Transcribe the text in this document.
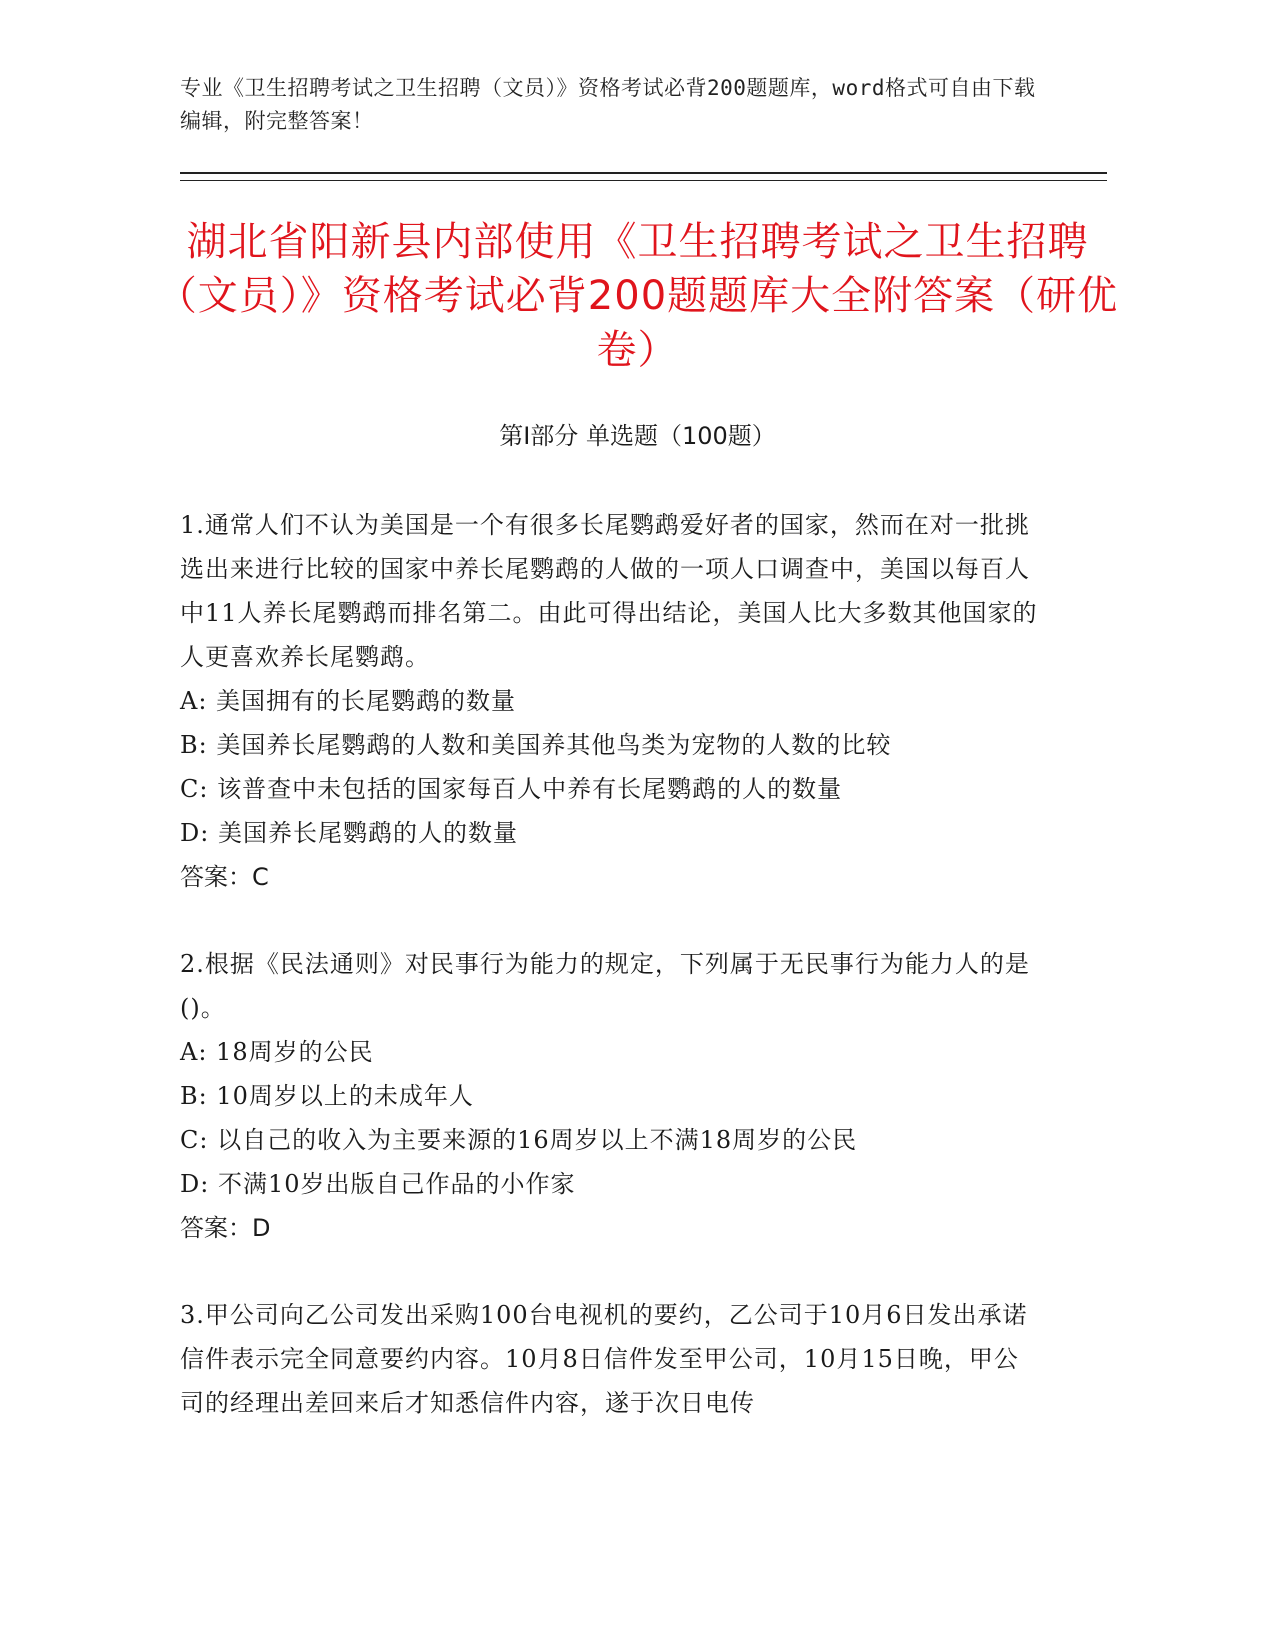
专业《卫生招聘考试之卫生招聘（文员）》资格考试必背200题题库，word格式可自由下载编辑，附完整答案！
湖北省阳新县内部使用《卫生招聘考试之卫生招聘（文员）》资格考试必背200题题库大全附答案（研优卷）
第Ⅰ部分 单选题（100题）

1.通常人们不认为美国是一个有很多长尾鹦鹉爱好者的国家，然而在对一批挑选出来进行比较的国家中养长尾鹦鹉的人做的一项人口调查中，美国以每百人中11人养长尾鹦鹉而排名第二。由此可得出结论，美国人比大多数其他国家的人更喜欢养长尾鹦鹉。

A: 美国拥有的长尾鹦鹉的数量

B: 美国养长尾鹦鹉的人数和美国养其他鸟类为宠物的人数的比较

C: 该普查中未包括的国家每百人中养有长尾鹦鹉的人的数量

D: 美国养长尾鹦鹉的人的数量

答案：C

2.根据《民法通则》对民事行为能力的规定，下列属于无民事行为能力人的是()。

A: 18周岁的公民

B: 10周岁以上的未成年人

C: 以自己的收入为主要来源的16周岁以上不满18周岁的公民

D: 不满10岁出版自己作品的小作家

答案：D

3.甲公司向乙公司发出采购100台电视机的要约，乙公司于10月6日发出承诺信件表示完全同意要约内容。10月8日信件发至甲公司，10月15日晚，甲公司的经理出差回来后才知悉信件内容，遂于次日电传
